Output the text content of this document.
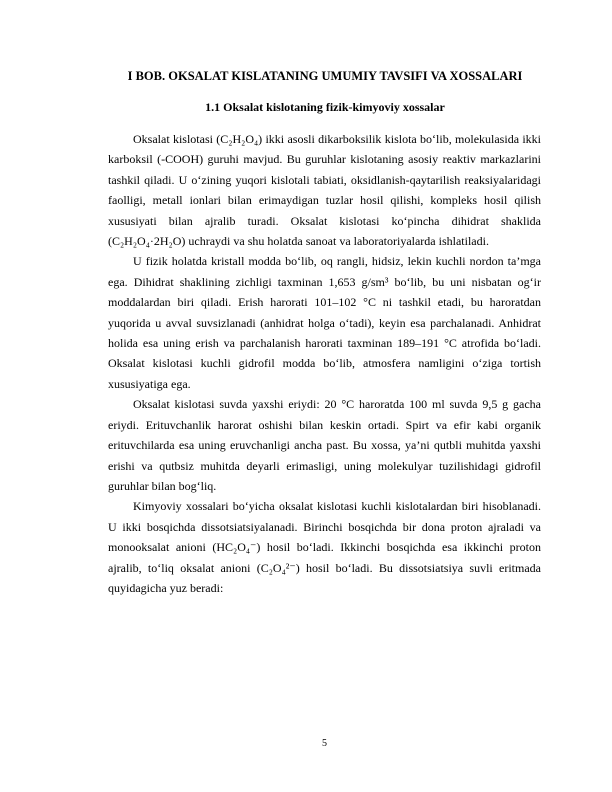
I BOB. OKSALAT KISLATANING UMUMIY TAVSIFI VA XOSSALARI
1.1 Oksalat kislotaning fizik-kimyoviy xossalar

Oksalat kislotasi (C₂H₂O₄) ikki asosli dikarboksilik kislota bo‘lib, molekulasida ikki karboksil (-COOH) guruhi mavjud. Bu guruhlar kislotaning asosiy reaktiv markazlarini tashkil qiladi. U o‘zining yuqori kislotali tabiati, oksidlanish-qaytarilish reaksiyalaridagi faolligi, metall ionlari bilan erimaydigan tuzlar hosil qilishi, kompleks hosil qilish xususiyati bilan ajralib turadi. Oksalat kislotasi ko‘pincha dihidrat shaklida (C₂H₂O₄·2H₂O) uchraydi va shu holatda sanoat va laboratoriyalarda ishlatiladi.

U fizik holatda kristall modda bo‘lib, oq rangli, hidsiz, lekin kuchli nordon ta’mga ega. Dihidrat shaklining zichligi taxminan 1,653 g/sm³ bo‘lib, bu uni nisbatan og‘ir moddalardan biri qiladi. Erish harorati 101–102 °C ni tashkil etadi, bu haroratdan yuqorida u avval suvsizlanadi (anhidrat holga o‘tadi), keyin esa parchalanadi. Anhidrat holida esa uning erish va parchalanish harorati taxminan 189–191 °C atrofida bo‘ladi. Oksalat kislotasi kuchli gidrofil modda bo‘lib, atmosfera namligini o‘ziga tortish xususiyatiga ega.

Oksalat kislotasi suvda yaxshi eriydi: 20 °C haroratda 100 ml suvda 9,5 g gacha eriydi. Erituvchanlik harorat oshishi bilan keskin ortadi. Spirt va efir kabi organik erituvchilarda esa uning eruvchanligi ancha past. Bu xossa, ya’ni qutbli muhitda yaxshi erishi va qutbsiz muhitda deyarli erimasligi, uning molekulyar tuzilishidagi gidrofil guruhlar bilan bog‘liq.

Kimyoviy xossalari bo‘yicha oksalat kislotasi kuchli kislotalardan biri hisoblanadi. U ikki bosqichda dissotsiatsiyalanadi. Birinchi bosqichda bir dona proton ajraladi va monooksalat anioni (HC₂O₄⁻) hosil bo‘ladi. Ikkinchi bosqichda esa ikkinchi proton ajralib, to‘liq oksalat anioni (C₂O₄²⁻) hosil bo‘ladi. Bu dissotsiatsiya suvli eritmada quyidagicha yuz beradi:

5
